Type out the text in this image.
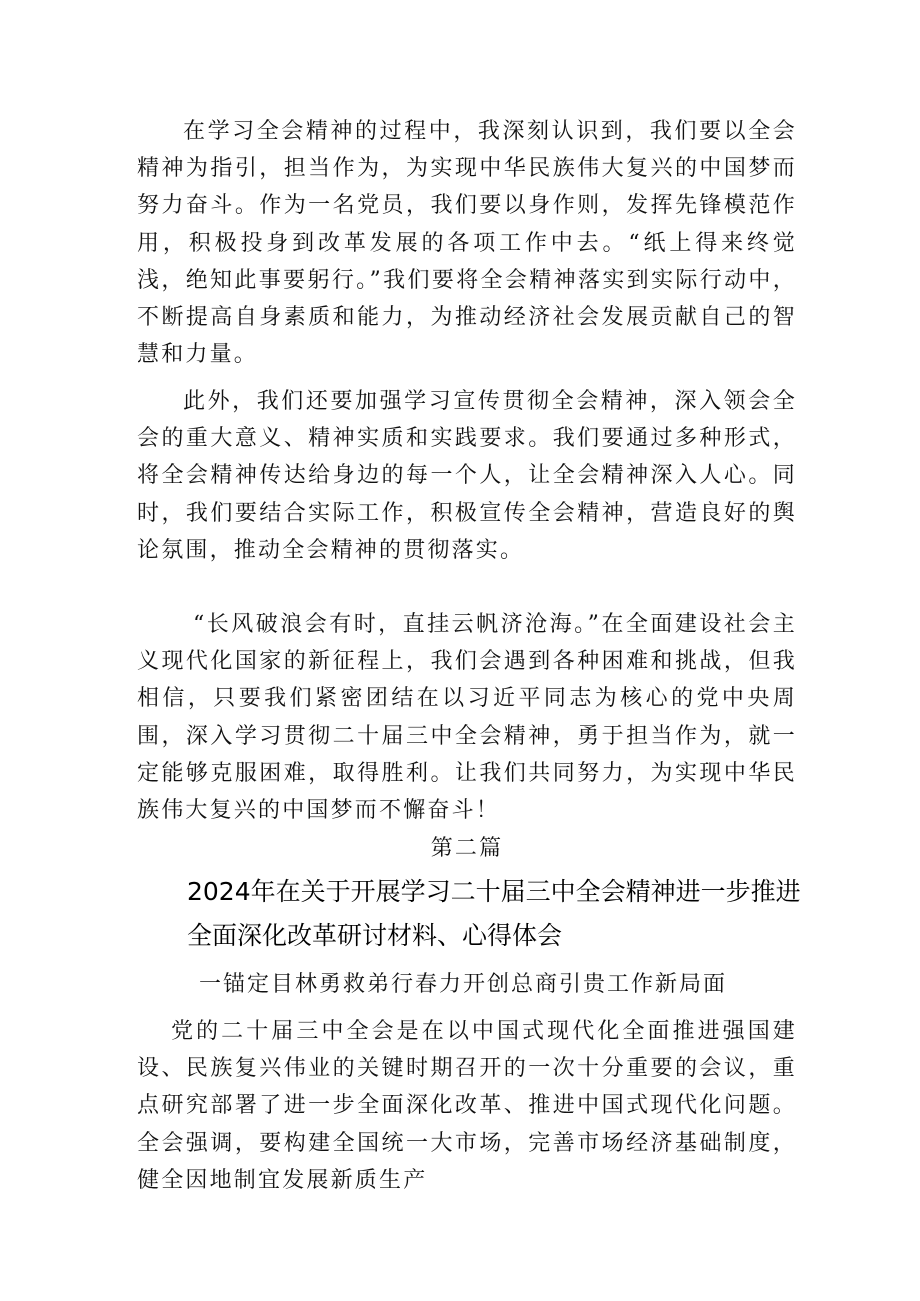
在学习全会精神的过程中，我深刻认识到，我们要以全会精神为指引，担当作为，为实现中华民族伟大复兴的中国梦而努力奋斗。作为一名党员，我们要以身作则，发挥先锋模范作用，积极投身到改革发展的各项工作中去。“纸上得来终觉浅，绝知此事要躬行。”我们要将全会精神落实到实际行动中，不断提高自身素质和能力，为推动经济社会发展贡献自己的智慧和力量。

此外，我们还要加强学习宣传贯彻全会精神，深入领会全会的重大意义、精神实质和实践要求。我们要通过多种形式，将全会精神传达给身边的每一个人，让全会精神深入人心。同时，我们要结合实际工作，积极宣传全会精神，营造良好的舆论氛围，推动全会精神的贯彻落实。

“长风破浪会有时，直挂云帆济沧海。”在全面建设社会主义现代化国家的新征程上，我们会遇到各种困难和挑战，但我相信，只要我们紧密团结在以习近平同志为核心的党中央周围，深入学习贯彻二十届三中全会精神，勇于担当作为，就一定能够克服困难，取得胜利。让我们共同努力，为实现中华民族伟大复兴的中国梦而不懈奋斗！

第二篇

2024年在关于开展学习二十届三中全会精神进一步推进全面深化改革研讨材料、心得体会

一锚定目林勇救弟行春力开创总商引贵工作新局面

党的二十届三中全会是在以中国式现代化全面推进强国建设、民族复兴伟业的关键时期召开的一次十分重要的会议，重点研究部署了进一步全面深化改革、推进中国式现代化问题。全会强调，要构建全国统一大市场，完善市场经济基础制度，健全因地制宜发展新质生产
